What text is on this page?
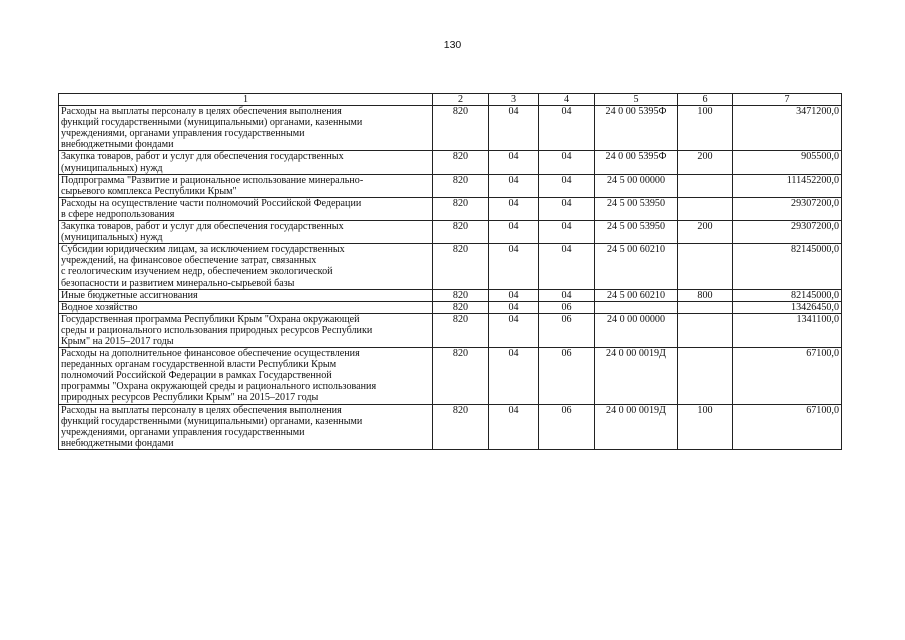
130
1	2	3	4	5	6	7
Расходы на выплаты персоналу в целях обеспечения выполнения
функций государственными (муниципальными) органами, казенными
учреждениями, органами управления государственными
внебюджетными фондами	820	04	04	24 0 00 5395Ф	100	3471200,0
Закупка товаров, работ и услуг для обеспечения государственных
(муниципальных) нужд	820	04	04	24 0 00 5395Ф	200	905500,0
Подпрограмма "Развитие и рациональное использование минерально-
сырьевого комплекса Республики Крым"	820	04	04	24 5 00 00000		111452200,0
Расходы на осуществление части полномочий Российской Федерации
в сфере недропользования	820	04	04	24 5 00 53950		29307200,0
Закупка товаров, работ и услуг для обеспечения государственных
(муниципальных) нужд	820	04	04	24 5 00 53950	200	29307200,0
Субсидии юридическим лицам, за исключением государственных
учреждений, на финансовое обеспечение затрат, связанных
с геологическим изучением недр, обеспечением экологической
безопасности и развитием минерально-сырьевой базы	820	04	04	24 5 00 60210		82145000,0
Иные бюджетные ассигнования	820	04	04	24 5 00 60210	800	82145000,0
Водное хозяйство	820	04	06			13426450,0
Государственная программа Республики Крым "Охрана окружающей
среды и рационального использования природных ресурсов Республики
Крым" на 2015–2017 годы	820	04	06	24 0 00 00000		1341100,0
Расходы на дополнительное финансовое обеспечение осуществления
переданных органам государственной власти Республики Крым
полномочий Российской Федерации в рамках Государственной
программы "Охрана окружающей среды и рационального использования
природных ресурсов Республики Крым" на 2015–2017 годы	820	04	06	24 0 00 0019Д		67100,0
Расходы на выплаты персоналу в целях обеспечения выполнения
функций государственными (муниципальными) органами, казенными
учреждениями, органами управления государственными
внебюджетными фондами	820	04	06	24 0 00 0019Д	100	67100,0
